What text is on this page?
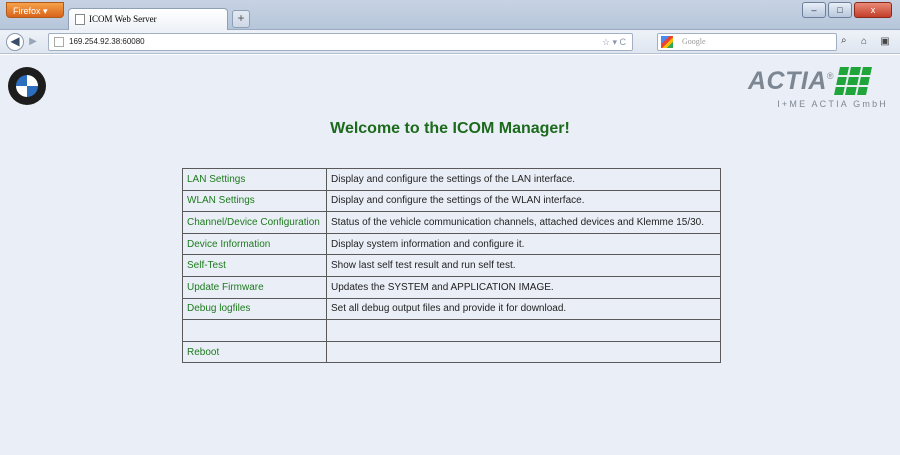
Firefox ▾
ICOM Web Server	+
–	□	x
◀ ▶	169.254.92.38:60080	☆ ▾ C	Google	⌕	⌂	▣
ACTIA ®
I+ME ACTIA GmbH
Welcome to the ICOM Manager!
LAN Settings	Display and configure the settings of the LAN interface.
WLAN Settings	Display and configure the settings of the WLAN interface.
Channel/Device Configuration	Status of the vehicle communication channels, attached devices and Klemme 15/30.
Device Information	Display system information and configure it.
Self-Test	Show last self test result and run self test.
Update Firmware	Updates the SYSTEM and APPLICATION IMAGE.
Debug logfiles	Set all debug output files and provide it for download.

Reboot	
